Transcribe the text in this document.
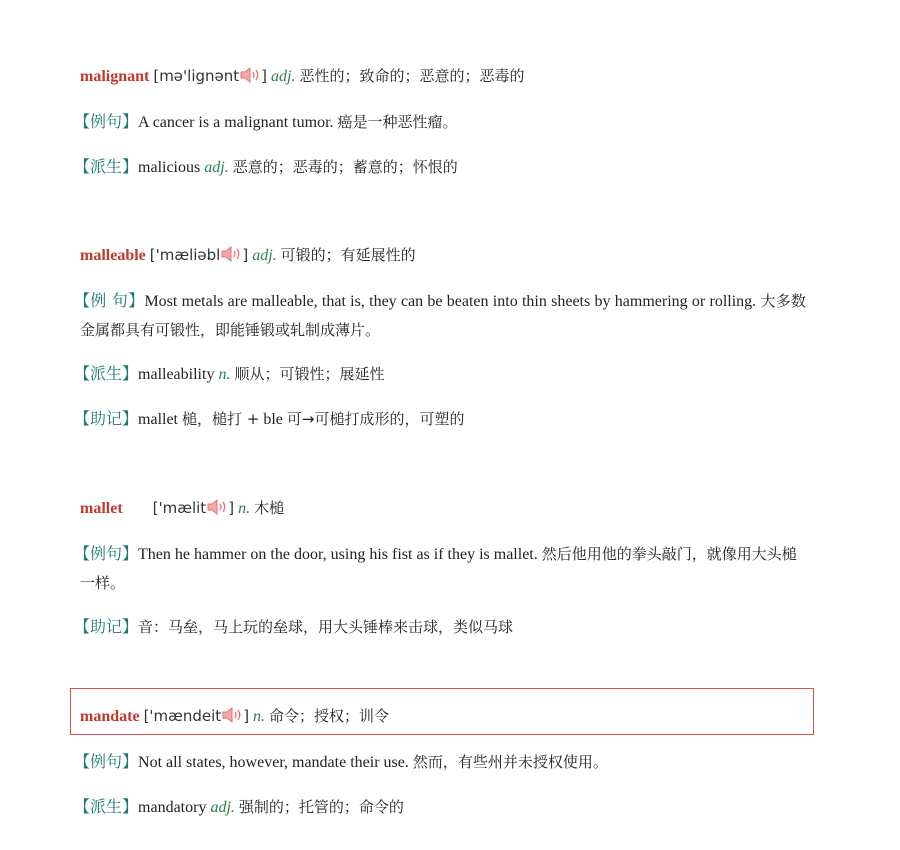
malignant [mə'lignənt ] adj. 恶性的；致命的；恶意的；恶毒的
【例句】A cancer is a malignant tumor. 癌是一种恶性瘤。
【派生】malicious adj. 恶意的；恶毒的；蓄意的；怀恨的
malleable ['mæliəbl ] adj. 可锻的；有延展性的
【例 句】Most metals are malleable, that is, they can be beaten into thin sheets by hammering or rolling. 大多数金属都具有可锻性，即能锤锻或轧制成薄片。
【派生】malleability n. 顺从；可锻性；展延性
【助记】mallet 槌，槌打 + ble 可→可槌打成形的，可塑的
mallet ['mælit ] n. 木槌
【例句】Then he hammer on the door, using his fist as if they is mallet. 然后他用他的拳头敲门，就像用大头槌一样。
【助记】音：马垒，马上玩的垒球，用大头锤棒来击球，类似马球
mandate ['mændeit ] n. 命令；授权；训令
【例句】Not all states, however, mandate their use. 然而，有些州并未授权使用。
【派生】mandatory adj. 强制的；托管的；命令的
